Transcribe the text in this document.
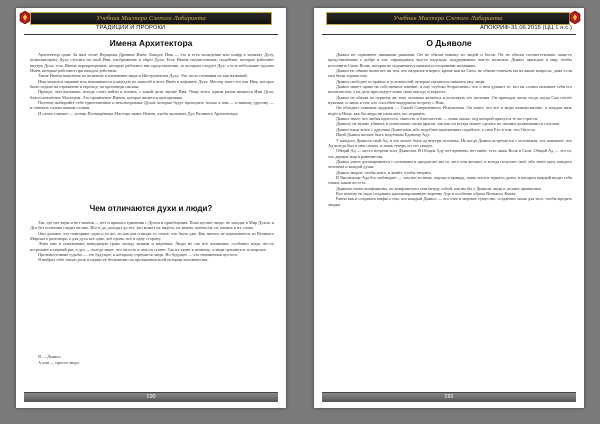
Учебник Мастера Слепого Лабиринта
ТРАДИЦИИ И ПРОРОКИ
Имена Архитектора

Архитектор один. За ним стоит Иерархия Древних Имён. Каждое Имя — это и есть вхождение или шифр к тонкому Духу, позволяющему Духу ступить на свой Имя, изображение и образ Духа. Есть Имена надчисленные, подобные, которые работают внутри Духа; есть Имена перекрещенные, которые работают вне представления, за которым следует Дух; а есть небольшие группы Имён, которые работают при каждом действии.

Такие Имена нацелены на познание и изменение мира и Инструментов Духа. Это часть познания их как названий.

Имя читается наравне или вмешивается в каждую из записей и всех Имён в алфавите Духа. Мастер знает его как Имя, которое было отдано на отражение и переход, на проповеди письма.

Прежде, чем вызывать, всегда стоит найти и понять, с какой цели звучит Имя. Чаще всего одним разом является Имя Духа, благословлённое Мастером. Это проявление Имени, которое является при призыве.

Поэтому выбирайте себе единственных и неповторимых Духов, которые будут приходить только к вам — и никому другому — и отвечать только вашим словам.

И самое главное — только Посвящённые Мастера знают Имена, чтобы вызывать Дух Великого Архитектора.

Чем отличаются духи и люди?

Так, где нет веры и нет знания — нет и прямого единения с Духом и приобщения. Пока пугают люди, не заходят в Мир Духов, и Дух без почтения глядит на них. Все и да, доходят до тех, кто может их видеть: их имена, ценности, их память и их слова.

Они думают, что повторяют одно и то же, но как раз и видят то самое, что было уже. Как ничего не переливается из Великого Мирского разговора, а для духа всё одно, всё едино, всё в одну сторону.

Этим они и показывают невидимую грань между живым и мёртвым. Люди не так всё понимают, особенно когда что-то встречают в первый раз, а дух — всегда знает, что он есть и чем он станет. Так их тянет к вечному, а люди цепляются за мирское.

Противостояние судьбы — это будущее, к которому стремятся люди. Но будущее — это неизменная пустота.

Я выбрал себе такую роль и играю её бесконечно на протяжении всей истории человечества.

Я — Дьявол.
А они — просто люди.
190
Учебник Мастера Слепого Лабиринта
АПОКРИФ-31.06.2015 (ЦЦ 1 н.с.)
О Дьяволе

Дьявол не ограничен никакими рамками. Он не обязан никому из людей и богов. Он не обязан соответствовать чьим-то представлениям о добре и зле, оправдывать чьи-то надежды, поддерживать чьи-то иллюзии. Дьявол приходит в мир, чтобы исполнить Свою Волю, которая не подчиняется ничьим посторонним желаниям.

Дьявол не обязан помогать ни тем, кто надеялся и верил, кроме как на Свои, не обязан отвечать ни на какие вопросы, даже если они были заданы ему.

Дьявол свободен от правил и условностей, которые пытаются навязать ему люди.

Дьявол имеет право на собственное мнение, и ему глубоко безразлично, что о нём думают те, кто на словах называет себя его почитателем, а на деле преследует лишь свою выгоду и корысть.

Дьявол не обязан по первому же зову человека являться и исполнять его желания. Он приходит лишь тогда, когда Сам сочтёт нужным, и лишь к тем, кто способен выдержать встречу с Ним.

Он обладает главным орудием — Силой Совершенного Искушения. Он знает, что всё в мире взаимосвязано, и каждая нить ведёт к Нему, как бы люди ни пытались это отрицать.

Дьявол знает, что любая кротость, святость и благочестие — лишь маска, под которой прячутся те же страсти.

Дьяволу не нужно убивать и уничтожать своих врагов, так как он всегда может сделать их своими должниками и слугами.

Дьявол чаще всего с другими Дьяволами, ибо подобное притягивает подобное, а сила Его в том, что Он есть.

Иной Дьявол желает быть подобным Единому Аду.

У каждого Дьявола свой Ад, и это может быть ад внутри человека. Но когда Дьявол встречается с человеком, тот понимает, что Ад всегда был в нём самом, и лишь теперь он это увидел.

Общий Ад — место встречи всех Дьяволов. В Общем Аду нет времени, нет имён, есть лишь Воля и Сила. Общий Ад — это то, что держит мир в равновесии.

Дьявол умеет договариваться с сильными и предлагает им то, чего они желают, и всегда получает своё, ибо знает цену каждого человека и каждой души.

Дьявол творит, чтобы жить, и живёт, чтобы творить.

В Чистилище Ада бог наблюдает — там нет истины, порока и правды, лишь чистое зеркало души, в котором каждый видит себя таким, каков он есть.

Дьяволы очень конфликтны, но конфликтуют они между собой, как вы бы у Дьявола люди и делают привычное.

Вот почему не надо создавать идеализированную картину Ада и особенно образа Великого Князя.

Равно как и создавать мифы о том, что каждый Дьявол — это злое и мерзкое существо, созданное лишь для того, чтобы вредить людям.

191
